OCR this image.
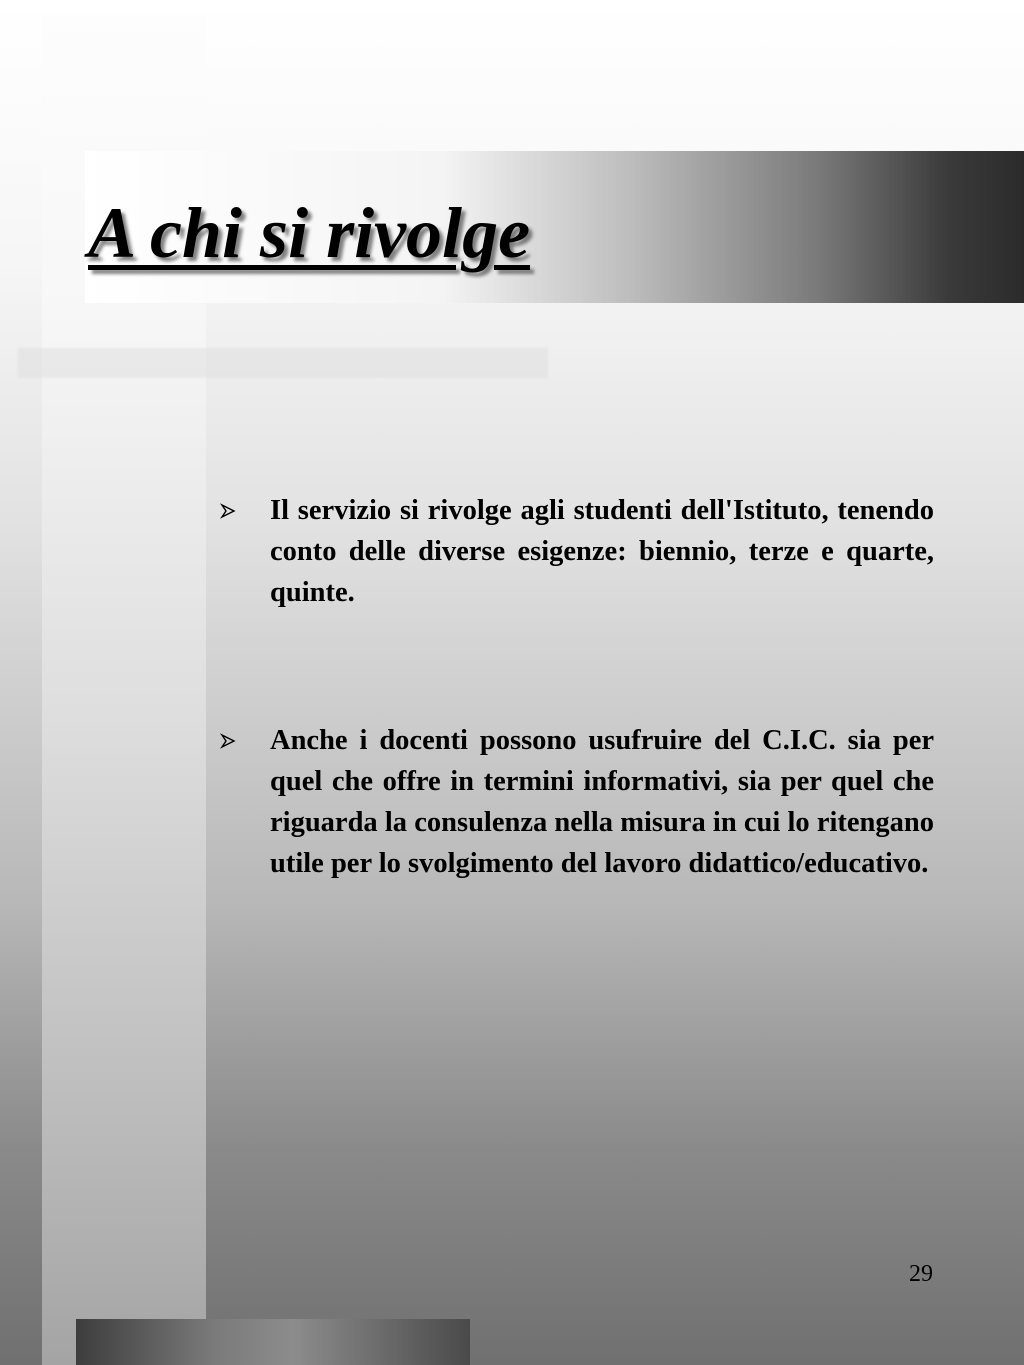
A chi si rivolge
Il servizio si rivolge agli studenti dell'Istituto, tenendo conto delle diverse esigenze: biennio, terze e quarte, quinte.
Anche i docenti possono usufruire del C.I.C. sia per quel che offre in termini informativi, sia per quel che riguarda la consulenza nella misura in cui lo ritengano utile per lo svolgimento del lavoro didattico/educativo.
29
